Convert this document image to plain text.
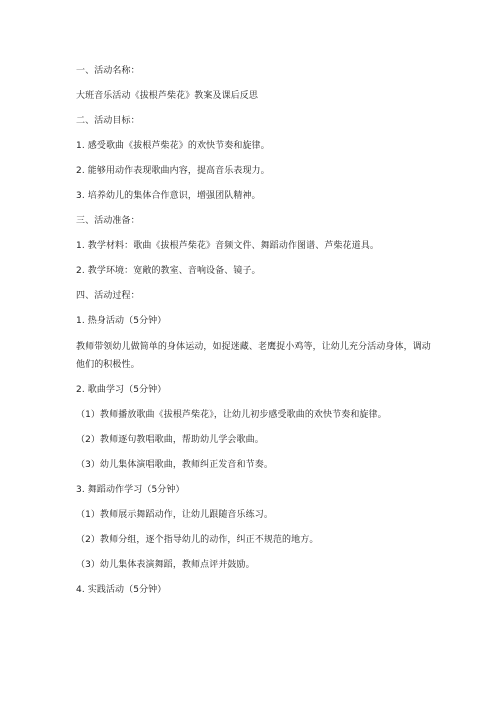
一、活动名称：
大班音乐活动《拔根芦柴花》教案及课后反思
二、活动目标：
1. 感受歌曲《拔根芦柴花》的欢快节奏和旋律。
2. 能够用动作表现歌曲内容，提高音乐表现力。
3. 培养幼儿的集体合作意识，增强团队精神。
三、活动准备：
1. 教学材料：歌曲《拔根芦柴花》音频文件、舞蹈动作图谱、芦柴花道具。
2. 教学环境：宽敞的教室、音响设备、镜子。
四、活动过程：
1. 热身活动（5分钟）
教师带领幼儿做简单的身体运动，如捉迷藏、老鹰捉小鸡等，让幼儿充分活动身体，调动他们的积极性。
2. 歌曲学习（5分钟）
（1）教师播放歌曲《拔根芦柴花》，让幼儿初步感受歌曲的欢快节奏和旋律。
（2）教师逐句教唱歌曲，帮助幼儿学会歌曲。
（3）幼儿集体演唱歌曲，教师纠正发音和节奏。
3. 舞蹈动作学习（5分钟）
（1）教师展示舞蹈动作，让幼儿跟随音乐练习。
（2）教师分组，逐个指导幼儿的动作，纠正不规范的地方。
（3）幼儿集体表演舞蹈，教师点评并鼓励。
4. 实践活动（5分钟）
